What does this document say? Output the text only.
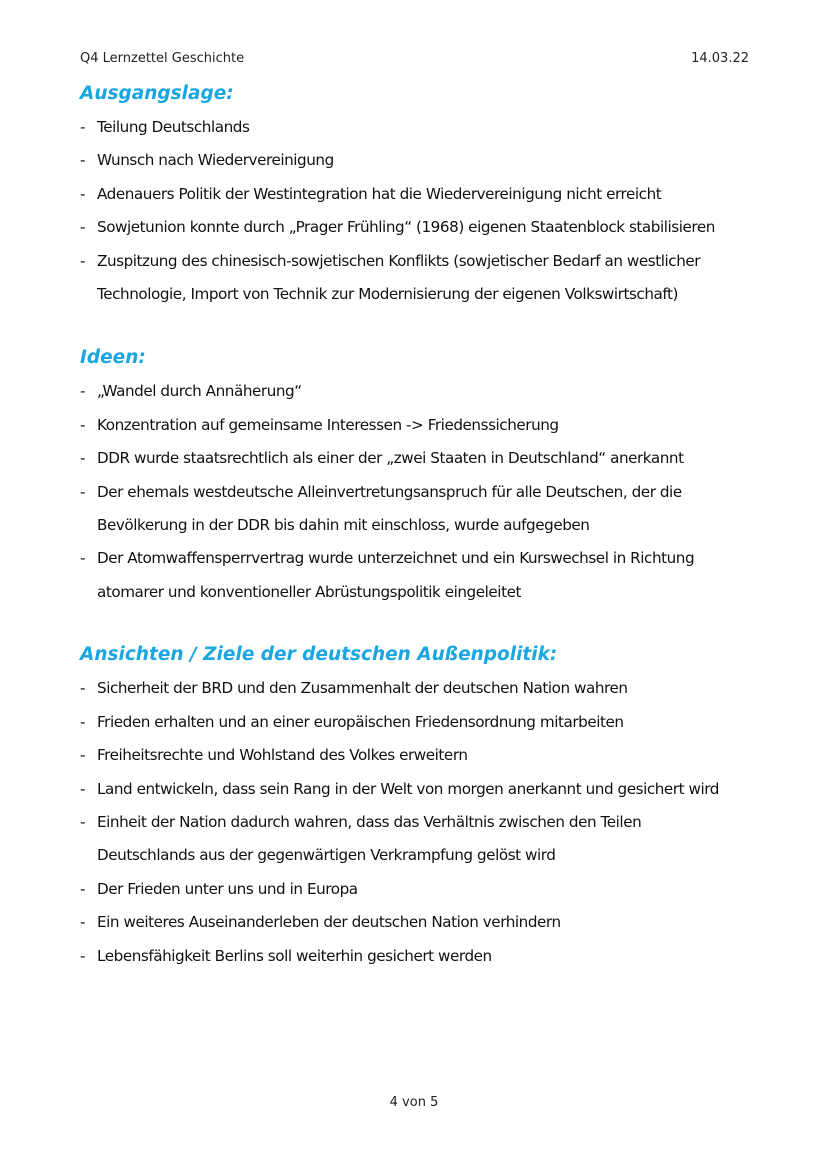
Q4 Lernzettel Geschichte	14.03.22
Ausgangslage:
- Teilung Deutschlands
- Wunsch nach Wiedervereinigung
- Adenauers Politik der Westintegration hat die Wiedervereinigung nicht erreicht
- Sowjetunion konnte durch „Prager Frühling“ (1968) eigenen Staatenblock stabilisieren
- Zuspitzung des chinesisch-sowjetischen Konflikts (sowjetischer Bedarf an westlicher
Technologie, Import von Technik zur Modernisierung der eigenen Volkswirtschaft)
Ideen:
- „Wandel durch Annäherung“
- Konzentration auf gemeinsame Interessen -> Friedenssicherung
- DDR wurde staatsrechtlich als einer der „zwei Staaten in Deutschland“ anerkannt
- Der ehemals westdeutsche Alleinvertretungsanspruch für alle Deutschen, der die
Bevölkerung in der DDR bis dahin mit einschloss, wurde aufgegeben
- Der Atomwaffensperrvertrag wurde unterzeichnet und ein Kurswechsel in Richtung
atomarer und konventioneller Abrüstungspolitik eingeleitet
Ansichten / Ziele der deutschen Außenpolitik:
- Sicherheit der BRD und den Zusammenhalt der deutschen Nation wahren
- Frieden erhalten und an einer europäischen Friedensordnung mitarbeiten
- Freiheitsrechte und Wohlstand des Volkes erweitern
- Land entwickeln, dass sein Rang in der Welt von morgen anerkannt und gesichert wird
- Einheit der Nation dadurch wahren, dass das Verhältnis zwischen den Teilen
Deutschlands aus der gegenwärtigen Verkrampfung gelöst wird
- Der Frieden unter uns und in Europa
- Ein weiteres Auseinanderleben der deutschen Nation verhindern
- Lebensfähigkeit Berlins soll weiterhin gesichert werden
4 von 5
